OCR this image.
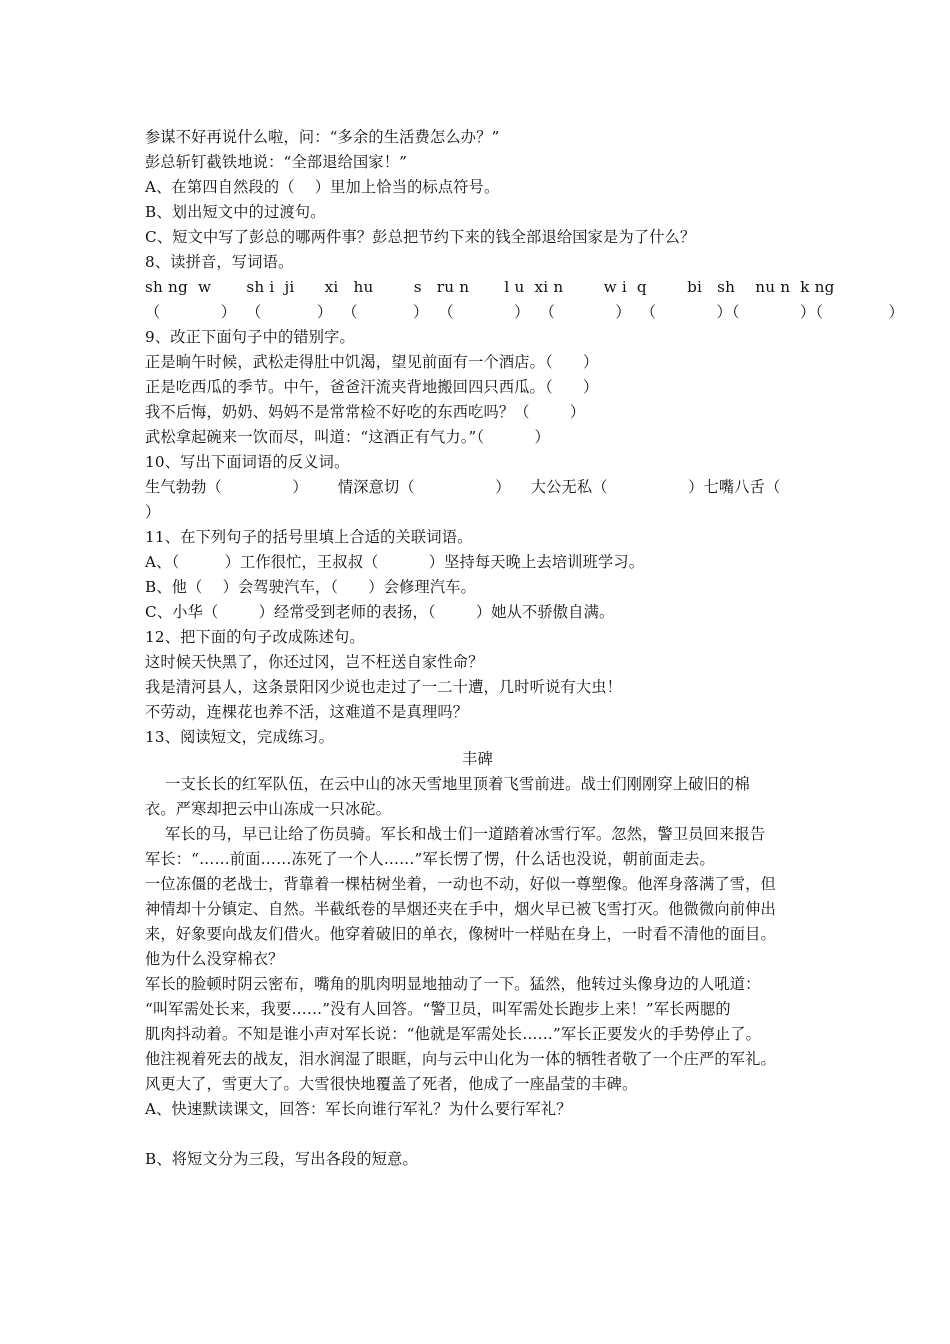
参谋不好再说什么啦，问：“多余的生活费怎么办？”
彭总斩钉截铁地说：“全部退给国家！”
A、在第四自然段的（    ）里加上恰当的标点符号。
B、划出短文中的过渡句。
C、短文中写了彭总的哪两件事？彭总把节约下来的钱全部退给国家是为了什么？
8、读拼音，写词语。
sh ng  w       sh i  ji      xi   hu        s   ru n       l u  xi n        w i  q        bi   sh    nu n  k ng
（            ）  （           ）  （           ）  （            ）  （            ）  （            ）（            ）（             ）
9、改正下面句子中的错别字。
正是晌午时候，武松走得肚中饥渴，望见前面有一个酒店。（      ）
正是吃西瓜的季节。中午，爸爸汗流夹背地搬回四只西瓜。（      ）
我不后悔，奶奶、妈妈不是常常检不好吃的东西吃吗？（        ）
武松拿起碗来一饮而尽，叫道：“这酒正有气力。”（          ）
10、写出下面词语的反义词。
生气勃勃（              ）      情深意切（                ）    大公无私（                ）七嘴八舌（
）
11、在下列句子的括号里填上合适的关联词语。
A、（         ）工作很忙，王叔叔（          ）坚持每天晚上去培训班学习。
B、他（    ）会驾驶汽车，（      ）会修理汽车。
C、小华（        ）经常受到老师的表扬，（        ）她从不骄傲自满。
12、把下面的句子改成陈述句。
这时候天快黑了，你还过冈，岂不枉送自家性命？
我是清河县人，这条景阳冈少说也走过了一二十遭，几时听说有大虫！
不劳动，连棵花也养不活，这难道不是真理吗？
13、阅读短文，完成练习。
丰碑
一支长长的红军队伍，在云中山的冰天雪地里顶着飞雪前进。战士们刚刚穿上破旧的棉
衣。严寒却把云中山冻成一只冰砣。
军长的马，早已让给了伤员骑。军长和战士们一道踏着冰雪行军。忽然，警卫员回来报告
军长：“……前面……冻死了一个人……”军长愣了愣，什么话也没说，朝前面走去。
一位冻僵的老战士，背靠着一棵枯树坐着，一动也不动，好似一尊塑像。他浑身落满了雪，但
神情却十分镇定、自然。半截纸卷的旱烟还夹在手中，烟火早已被飞雪打灭。他微微向前伸出
来，好象要向战友们借火。他穿着破旧的单衣，像树叶一样贴在身上，一时看不清他的面目。
他为什么没穿棉衣？
军长的脸顿时阴云密布，嘴角的肌肉明显地抽动了一下。猛然，他转过头像身边的人吼道：
“叫军需处长来，我要……”没有人回答。“警卫员，叫军需处长跑步上来！”军长两腮的
肌肉抖动着。不知是谁小声对军长说：“他就是军需处长……”军长正要发火的手势停止了。
他注视着死去的战友，泪水润湿了眼眶，向与云中山化为一体的牺牲者敬了一个庄严的军礼。
风更大了，雪更大了。大雪很快地覆盖了死者，他成了一座晶莹的丰碑。
A、快速默读课文，回答：军长向谁行军礼？为什么要行军礼？
B、将短文分为三段，写出各段的短意。
